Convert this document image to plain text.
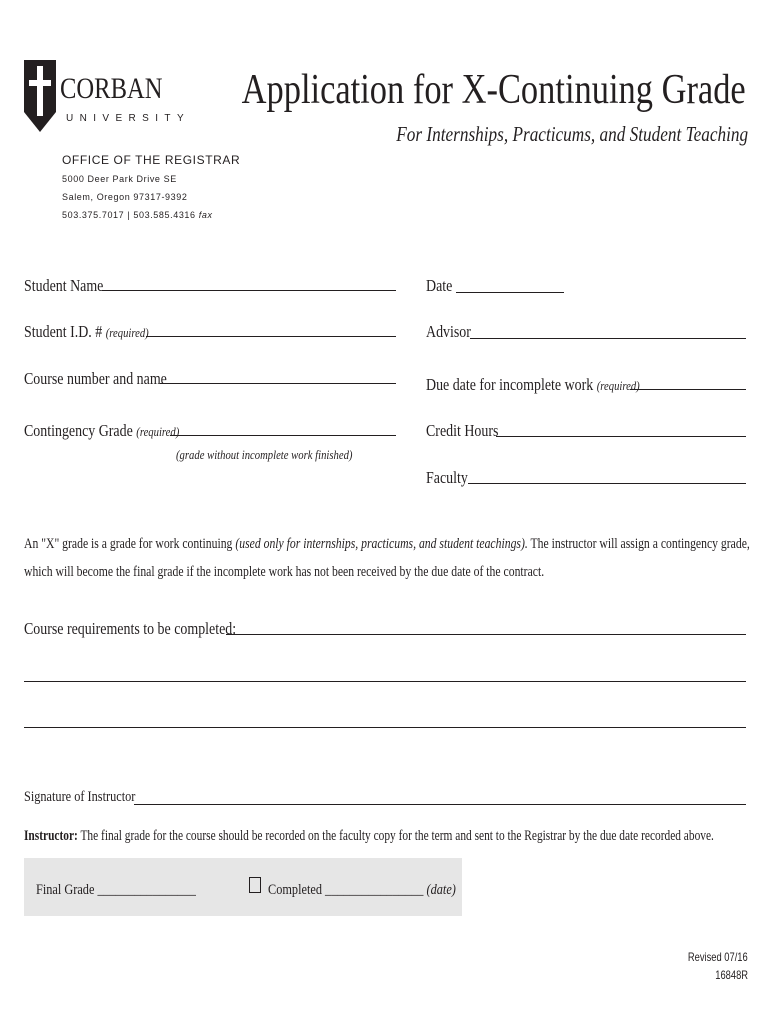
CORBAN
UNIVERSITY
OFFICE OF THE REGISTRAR
5000 Deer Park Drive SE
Salem, Oregon 97317-9392
503.375.7017 | 503.585.4316 fax
Application for X-Continuing Grade
For Internships, Practicums, and Student Teaching
Student Name
Student I.D. # (required)
Course number and name
Contingency Grade (required)
(grade without incomplete work finished)
Date
Advisor
Due date for incomplete work (required)
Credit Hours
Faculty
An "X" grade is a grade for work continuing (used only for internships, practicums, and student teachings). The instructor will assign a contingency grade,
which will become the final grade if the incomplete work has not been received by the due date of the contract.
Course requirements to be completed:
Signature of Instructor
Instructor: The final grade for the course should be recorded on the faculty copy for the term and sent to the Registrar by the due date recorded above.
Final Grade ________________	Completed ________________ (date)
Revised 07/16
16848R
